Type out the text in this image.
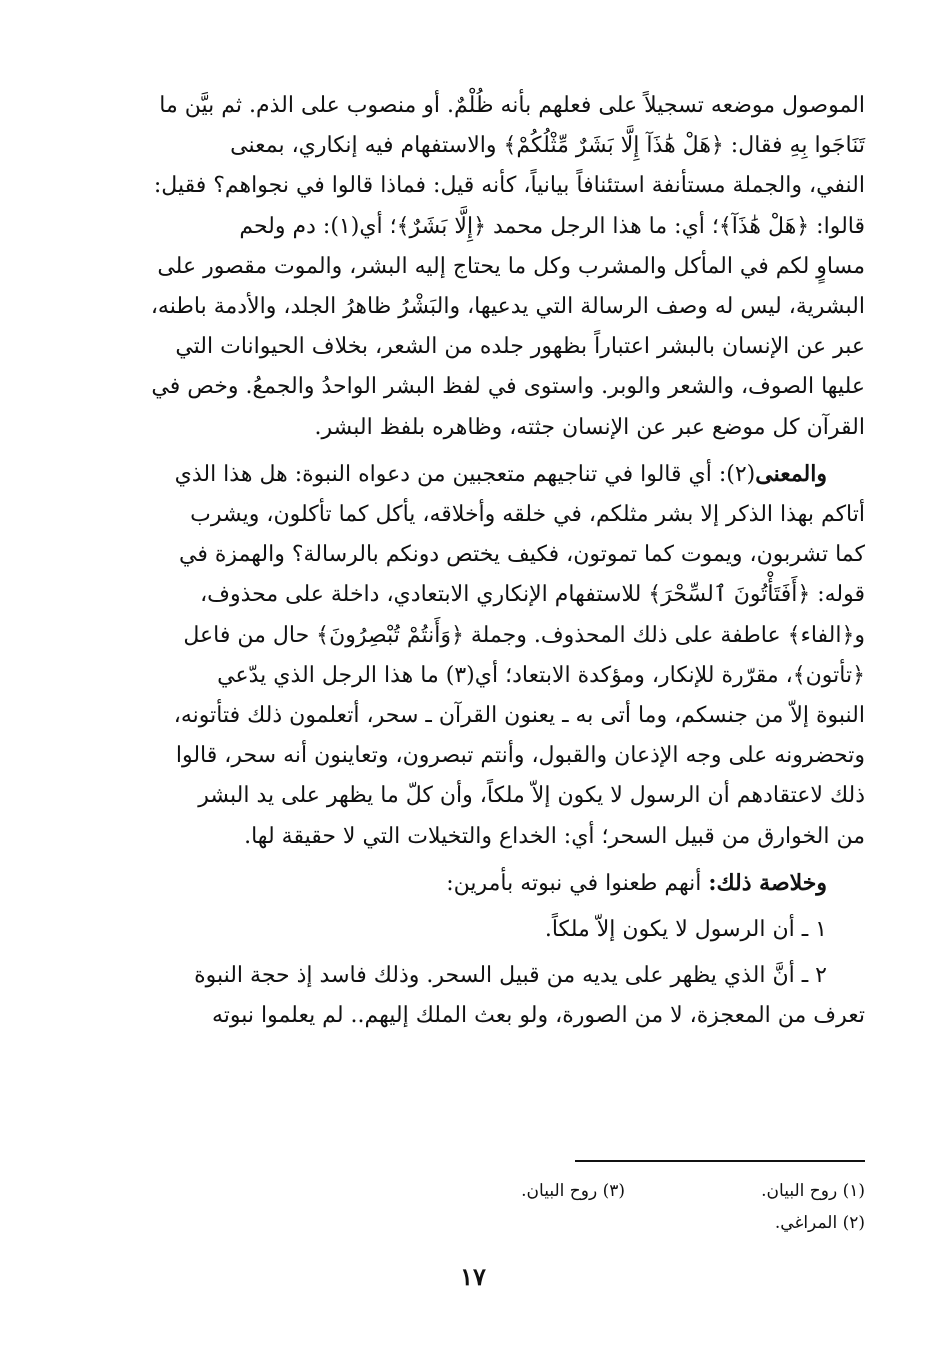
الموصول موضعه تسجيلاً على فعلهم بأنه ظُلْمٌ. أو منصوب على الذم. ثم بيَّن ما
تَنَاجَوا بِهِ فقال: ﴿هَلْ هَٰذَآ إِلَّا بَشَرٌ مِّثْلُكُمْ﴾ والاستفهام فيه إنكاري، بمعنى
النفي، والجملة مستأنفة استئنافاً بيانياً، كأنه قيل: فماذا قالوا في نجواهم؟ فقيل:
قالوا: ﴿هَلْ هَٰذَآ﴾؛ أي: ما هذا الرجل محمد ﴿إِلَّا بَشَرٌ﴾؛ أي(١): دم ولحم
مساوٍ لكم في المأكل والمشرب وكل ما يحتاج إليه البشر، والموت مقصور على
البشرية، ليس له وصف الرسالة التي يدعيها، والبَشْرُ ظاهرُ الجلد، والأدمة باطنه،
عبر عن الإنسان بالبشر اعتباراً بظهور جلده من الشعر، بخلاف الحيوانات التي
عليها الصوف، والشعر والوبر. واستوى في لفظ البشر الواحدُ والجمعُ. وخص في
القرآن كل موضع عبر عن الإنسان جثته، وظاهره بلفظ البشر.

والمعنى(٢): أي قالوا في تناجيهم متعجبين من دعواه النبوة: هل هذا الذي
أتاكم بهذا الذكر إلا بشر مثلكم، في خلقه وأخلاقه، يأكل كما تأكلون، ويشرب
كما تشربون، ويموت كما تموتون، فكيف يختص دونكم بالرسالة؟ والهمزة في
قوله: ﴿أَفَتَأْتُونَ ٱلسِّحْرَ﴾ للاستفهام الإنكاري الابتعادي، داخلة على محذوف،
و﴿الفاء﴾ عاطفة على ذلك المحذوف. وجملة ﴿وَأَنتُمْ تُبْصِرُونَ﴾ حال من فاعل
﴿تأتون﴾، مقرّرة للإنكار، ومؤكدة الابتعاد؛ أي(٣) ما هذا الرجل الذي يدّعي
النبوة إلاّ من جنسكم، وما أتى به ـ يعنون القرآن ـ سحر، أتعلمون ذلك فتأتونه،
وتحضرونه على وجه الإذعان والقبول، وأنتم تبصرون، وتعاينون أنه سحر، قالوا
ذلك لاعتقادهم أن الرسول لا يكون إلاّ ملكاً، وأن كلّ ما يظهر على يد البشر
من الخوارق من قبيل السحر؛ أي: الخداع والتخيلات التي لا حقيقة لها.

وخلاصة ذلك: أنهم طعنوا في نبوته بأمرين:

١ ـ أن الرسول لا يكون إلاّ ملكاً.

٢ ـ أنَّ الذي يظهر على يديه من قبيل السحر. وذلك فاسد إذ حجة النبوة
تعرف من المعجزة، لا من الصورة، ولو بعث الملك إليهم.. لم يعلموا نبوته

(١) روح البيان.
(٣) روح البيان.
(٢) المراغي.
١٧
